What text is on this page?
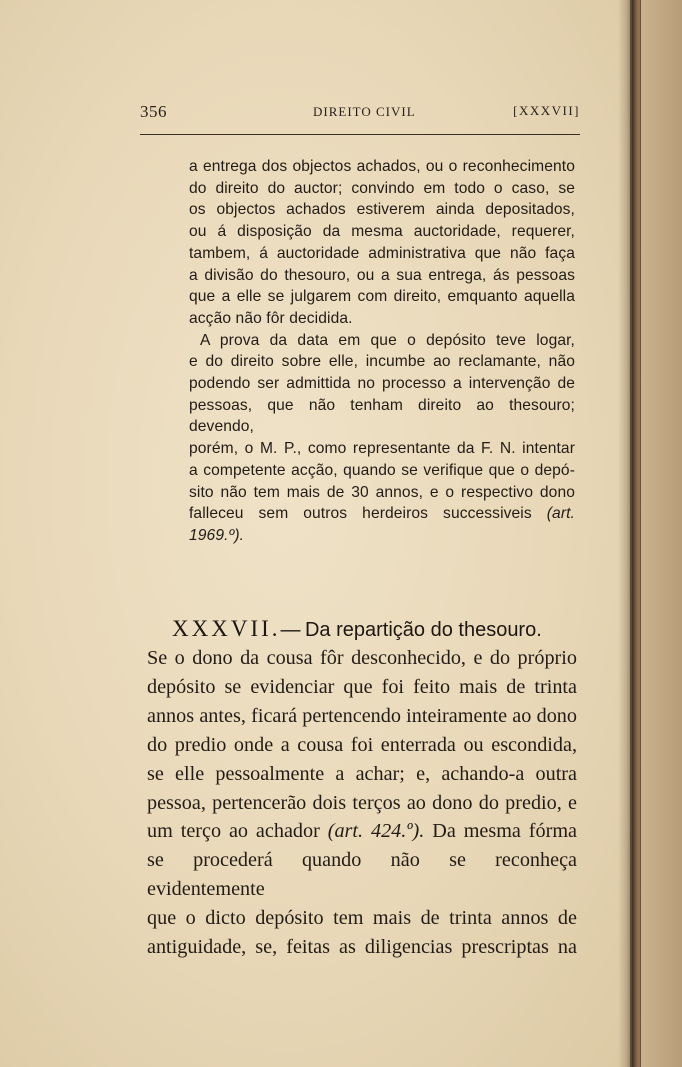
356	DIREITO CIVIL	[XXXVII]

a entrega dos objectos achados, ou o reconhecimento
do direito do auctor; convindo em todo o caso, se
os objectos achados estiverem ainda depositados,
ou á disposição da mesma auctoridade, requerer,
tambem, á auctoridade administrativa que não faça
a divisão do thesouro, ou a sua entrega, ás pessoas
que a elle se julgarem com direito, emquanto aquella
acção não fôr decidida.

A prova da data em que o depósito teve logar,
e do direito sobre elle, incumbe ao reclamante, não
podendo ser admittida no processo a intervenção de
pessoas, que não tenham direito ao thesouro; devendo,
porém, o M. P., como representante da F. N. intentar
a competente acção, quando se verifique que o depó-
sito não tem mais de 30 annos, e o respectivo dono
falleceu sem outros herdeiros successiveis (art.
1969.º).

XXXVII.— Da repartição do thesouro.
Se o dono da cousa fôr desconhecido, e do próprio
depósito se evidenciar que foi feito mais de trinta
annos antes, ficará pertencendo inteiramente ao dono
do predio onde a cousa foi enterrada ou escondida,
se elle pessoalmente a achar; e, achando-a outra
pessoa, pertencerão dois terços ao dono do predio, e
um terço ao achador (art. 424.º). Da mesma fórma
se procederá quando não se reconheça evidentemente
que o dicto depósito tem mais de trinta annos de
antiguidade, se, feitas as diligencias prescriptas na
